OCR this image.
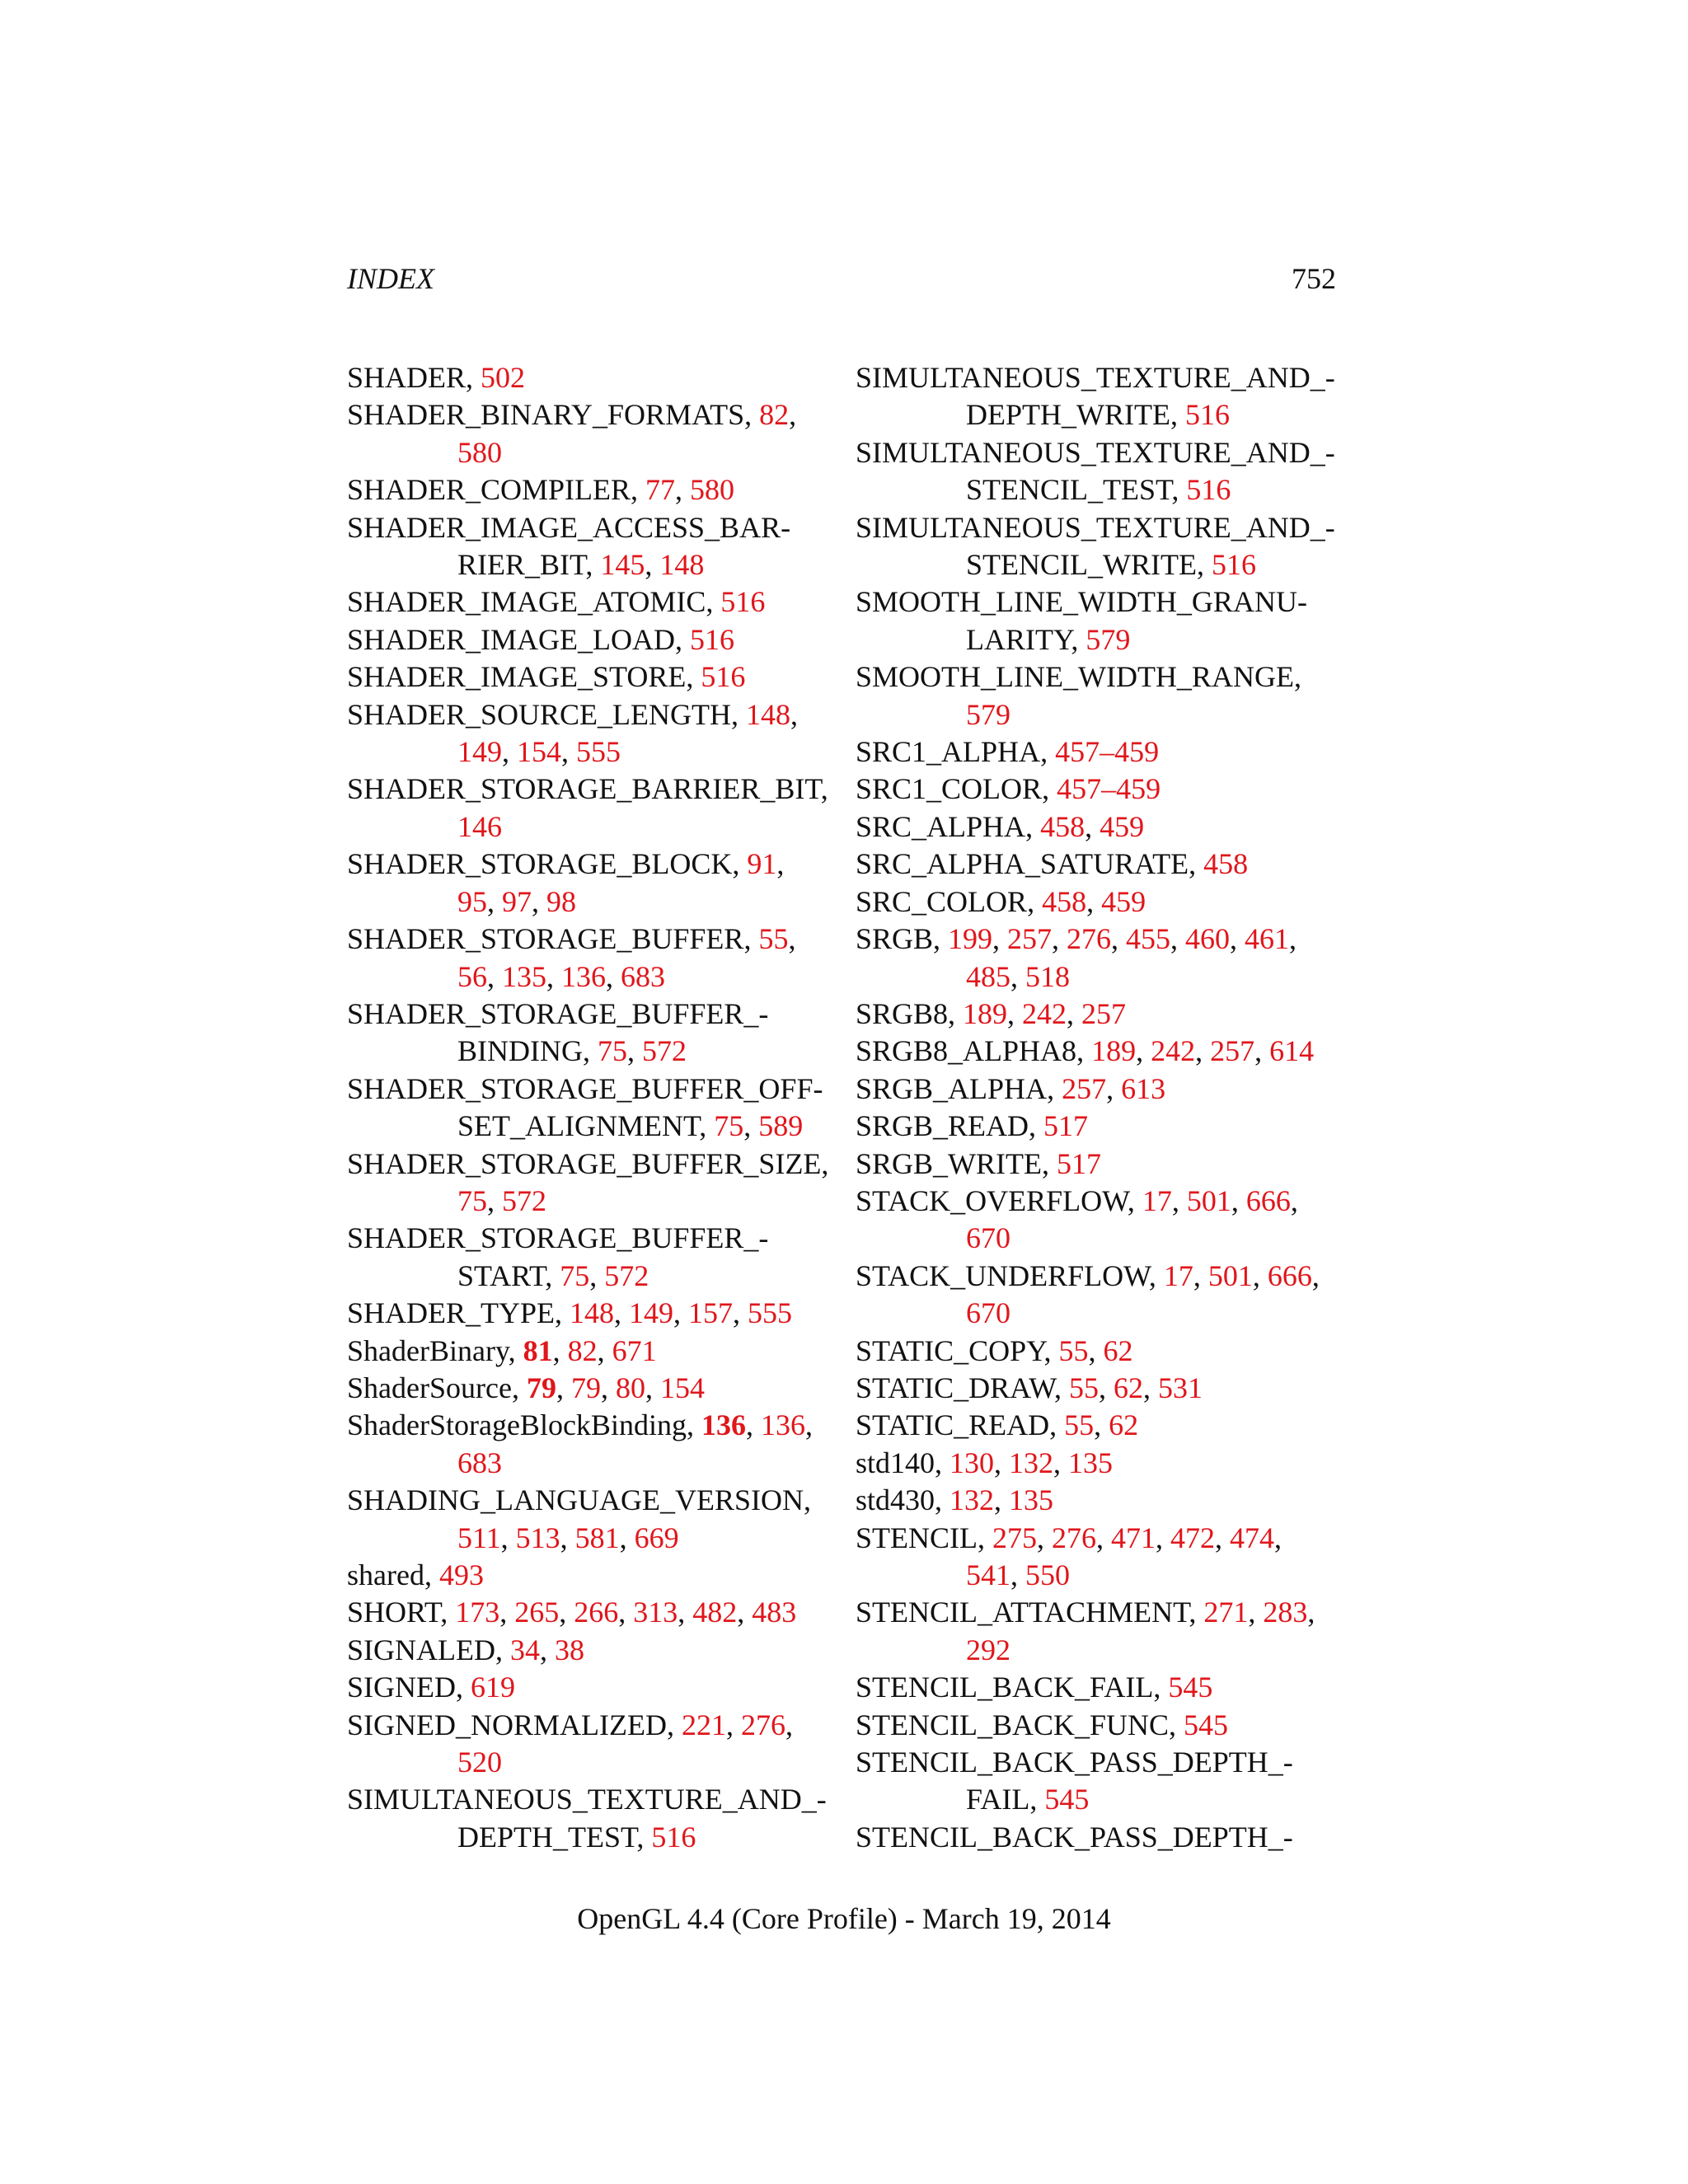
INDEX	752
SHADER, 502
SHADER_BINARY_FORMATS, 82, 580
SHADER_COMPILER, 77, 580
SHADER_IMAGE_ACCESS_BAR-RIER_BIT, 145, 148
SHADER_IMAGE_ATOMIC, 516
SHADER_IMAGE_LOAD, 516
SHADER_IMAGE_STORE, 516
SHADER_SOURCE_LENGTH, 148, 149, 154, 555
SHADER_STORAGE_BARRIER_BIT, 146
SHADER_STORAGE_BLOCK, 91, 95, 97, 98
SHADER_STORAGE_BUFFER, 55, 56, 135, 136, 683
SHADER_STORAGE_BUFFER_-BINDING, 75, 572
SHADER_STORAGE_BUFFER_OFF-SET_ALIGNMENT, 75, 589
SHADER_STORAGE_BUFFER_SIZE, 75, 572
SHADER_STORAGE_BUFFER_-START, 75, 572
SHADER_TYPE, 148, 149, 157, 555
ShaderBinary, 81, 82, 671
ShaderSource, 79, 79, 80, 154
ShaderStorageBlockBinding, 136, 136, 683
SHADING_LANGUAGE_VERSION, 511, 513, 581, 669
shared, 493
SHORT, 173, 265, 266, 313, 482, 483
SIGNALED, 34, 38
SIGNED, 619
SIGNED_NORMALIZED, 221, 276, 520
SIMULTANEOUS_TEXTURE_AND_-DEPTH_TEST, 516
SIMULTANEOUS_TEXTURE_AND_-DEPTH_WRITE, 516
SIMULTANEOUS_TEXTURE_AND_-STENCIL_TEST, 516
SIMULTANEOUS_TEXTURE_AND_-STENCIL_WRITE, 516
SMOOTH_LINE_WIDTH_GRANU-LARITY, 579
SMOOTH_LINE_WIDTH_RANGE, 579
SRC1_ALPHA, 457–459
SRC1_COLOR, 457–459
SRC_ALPHA, 458, 459
SRC_ALPHA_SATURATE, 458
SRC_COLOR, 458, 459
SRGB, 199, 257, 276, 455, 460, 461, 485, 518
SRGB8, 189, 242, 257
SRGB8_ALPHA8, 189, 242, 257, 614
SRGB_ALPHA, 257, 613
SRGB_READ, 517
SRGB_WRITE, 517
STACK_OVERFLOW, 17, 501, 666, 670
STACK_UNDERFLOW, 17, 501, 666, 670
STATIC_COPY, 55, 62
STATIC_DRAW, 55, 62, 531
STATIC_READ, 55, 62
std140, 130, 132, 135
std430, 132, 135
STENCIL, 275, 276, 471, 472, 474, 541, 550
STENCIL_ATTACHMENT, 271, 283, 292
STENCIL_BACK_FAIL, 545
STENCIL_BACK_FUNC, 545
STENCIL_BACK_PASS_DEPTH_-FAIL, 545
STENCIL_BACK_PASS_DEPTH_-
OpenGL 4.4 (Core Profile) - March 19, 2014
